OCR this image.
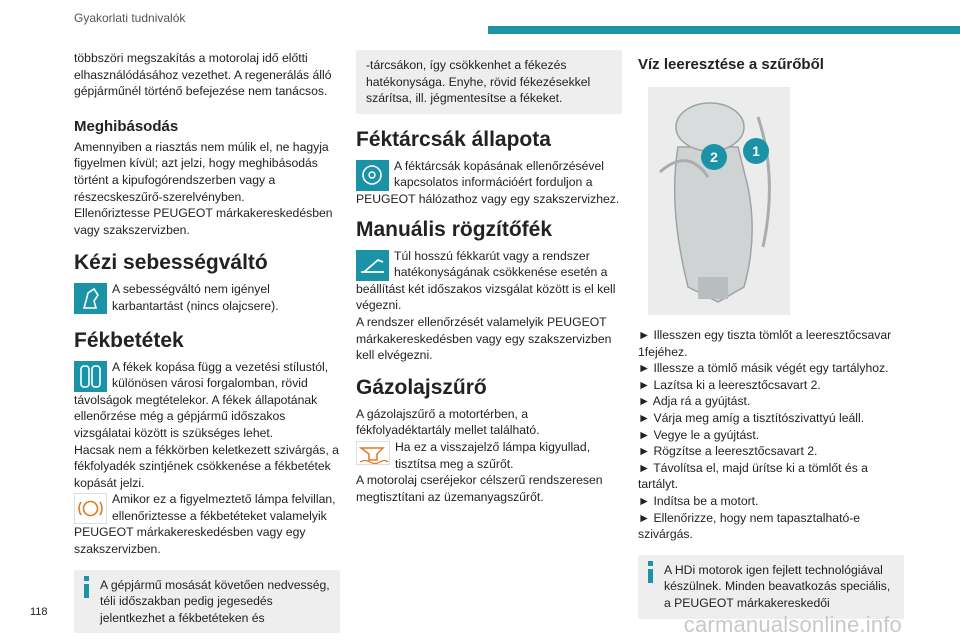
Gyakorlati tudnivalók

többszöri megszakítás a motorolaj idő előtti elhasználódásához vezethet. A regenerálás álló gépjárműnél történő befejezése nem tanácsos.

Meghibásodás

Amennyiben a riasztás nem múlik el, ne hagyja figyelmen kívül; azt jelzi, hogy meghibásodás történt a kipufogórendszerben vagy a részecskeszűrő-szerelvényben.

Ellenőriztesse PEUGEOT márkakereskedésben vagy szakszervizben.

Kézi sebességváltó

A sebességváltó nem igényel karbantartást (nincs olajcsere).

Fékbetétek

A fékek kopása függ a vezetési stílustól, különösen városi forgalomban, rövid távolságok megtételekor. A fékek állapotának ellenőrzése még a gépjármű időszakos vizsgálatai között is szükséges lehet.

Hacsak nem a fékkörben keletkezett szivárgás, a fékfolyadék szintjének csökkenése a fékbetétek kopását jelzi.

Amikor ez a figyelmeztető lámpa felvillan, ellenőriztesse a fékbetéteket valamelyik PEUGEOT márkakereskedésben vagy egy szakszervizben.

A gépjármű mosását követően nedvesség, téli időszakban pedig jegesedés jelentkezhet a fékbetéteken és

-tárcsákon, így csökkenhet a fékezés hatékonysága. Enyhe, rövid fékezésekkel szárítsa, ill. jégmentesítse a fékeket.

Féktárcsák állapota

A féktárcsák kopásának ellenőrzésével kapcsolatos információért forduljon a PEUGEOT hálózathoz vagy egy szakszervizhez.

Manuális rögzítőfék

Túl hosszú fékkarút vagy a rendszer hatékonyságának csökkenése esetén a beállítást két időszakos vizsgálat között is el kell végezni.

A rendszer ellenőrzését valamelyik PEUGEOT márkakereskedésben vagy egy szakszervizben kell elvégezni.

Gázolajszűrő

A gázolajszűrő a motortérben, a fékfolyadéktartály mellet található.

Ha ez a visszajelző lámpa kigyullad, tisztítsa meg a szűrőt.

A motorolaj cseréjekor célszerű rendszeresen megtisztítani az üzemanyagszűrőt.

Víz leeresztése a szűrőből
2 1

► Illesszen egy tiszta tömlőt a leeresztőcsavar 1fejéhez.

► Illessze a tömlő másik végét egy tartályhoz.

► Lazítsa ki a leeresztőcsavart 2.

► Adja rá a gyújtást.

► Várja meg amíg a tisztítószivattyú leáll.

► Vegye le a gyújtást.

► Rögzítse a leeresztőcsavart 2.

► Távolítsa el, majd ürítse ki a tömlőt és a tartályt.

► Indítsa be a motort.

► Ellenőrizze, hogy nem tapasztalható-e szivárgás.

A HDi motorok igen fejlett technológiával készülnek. Minden beavatkozás speciális, a PEUGEOT márkakereskedői

118	carmanualsonline.info
